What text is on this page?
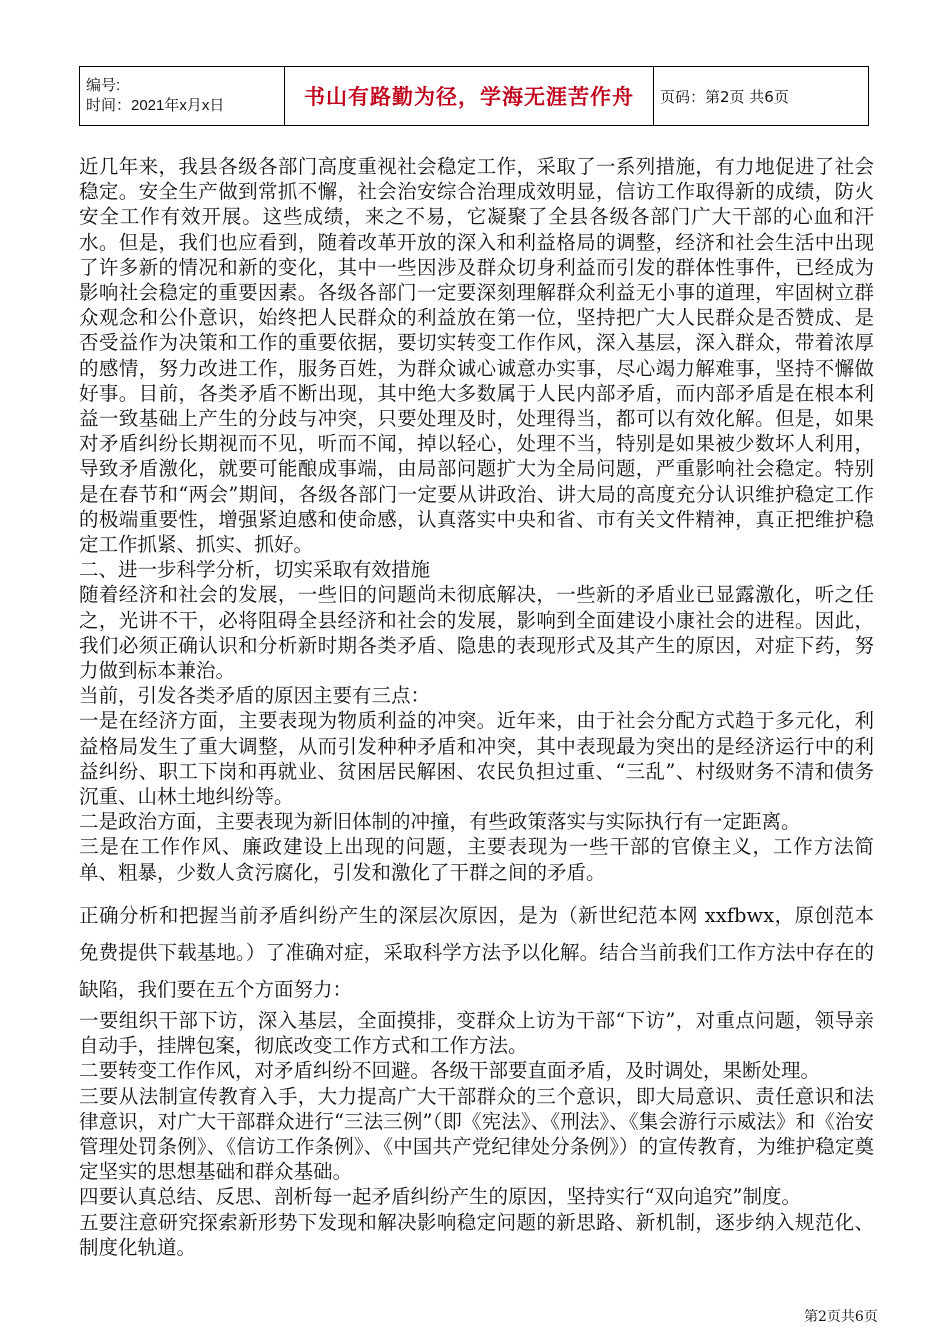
编号:
时间：2021年x月x日	书山有路勤为径，学海无涯苦作舟	页码：第2页 共6页

近几年来，我县各级各部门高度重视社会稳定工作，采取了一系列措施，有力地促进了社会稳定。安全生产做到常抓不懈，社会治安综合治理成效明显，信访工作取得新的成绩，防火安全工作有效开展。这些成绩，来之不易，它凝聚了全县各级各部门广大干部的心血和汗水。但是，我们也应看到，随着改革开放的深入和利益格局的调整，经济和社会生活中出现了许多新的情况和新的变化，其中一些因涉及群众切身利益而引发的群体性事件，已经成为影响社会稳定的重要因素。各级各部门一定要深刻理解群众利益无小事的道理，牢固树立群众观念和公仆意识，始终把人民群众的利益放在第一位，坚持把广大人民群众是否赞成、是否受益作为决策和工作的重要依据，要切实转变工作作风，深入基层，深入群众，带着浓厚的感情，努力改进工作，服务百姓，为群众诚心诚意办实事，尽心竭力解难事，坚持不懈做好事。目前，各类矛盾不断出现，其中绝大多数属于人民内部矛盾，而内部矛盾是在根本利益一致基础上产生的分歧与冲突，只要处理及时，处理得当，都可以有效化解。但是，如果对矛盾纠纷长期视而不见，听而不闻，掉以轻心，处理不当，特别是如果被少数坏人利用，导致矛盾激化，就要可能酿成事端，由局部问题扩大为全局问题，严重影响社会稳定。特别是在春节和“两会”期间，各级各部门一定要从讲政治、讲大局的高度充分认识维护稳定工作的极端重要性，增强紧迫感和使命感，认真落实中央和省、市有关文件精神，真正把维护稳定工作抓紧、抓实、抓好。

二、进一步科学分析，切实采取有效措施

随着经济和社会的发展，一些旧的问题尚未彻底解决，一些新的矛盾业已显露激化，听之任之，光讲不干，必将阻碍全县经济和社会的发展，影响到全面建设小康社会的进程。因此，我们必须正确认识和分析新时期各类矛盾、隐患的表现形式及其产生的原因，对症下药，努力做到标本兼治。

当前，引发各类矛盾的原因主要有三点：

一是在经济方面，主要表现为物质利益的冲突。近年来，由于社会分配方式趋于多元化，利益格局发生了重大调整，从而引发种种矛盾和冲突，其中表现最为突出的是经济运行中的利益纠纷、职工下岗和再就业、贫困居民解困、农民负担过重、“三乱”、村级财务不清和债务沉重、山林土地纠纷等。

二是政治方面，主要表现为新旧体制的冲撞，有些政策落实与实际执行有一定距离。

三是在工作作风、廉政建设上出现的问题，主要表现为一些干部的官僚主义，工作方法简单、粗暴，少数人贪污腐化，引发和激化了干群之间的矛盾。

正确分析和把握当前矛盾纠纷产生的深层次原因，是为（新世纪范本网 xxfbwx，原创范本免费提供下载基地。）了准确对症，采取科学方法予以化解。结合当前我们工作方法中存在的缺陷，我们要在五个方面努力：

一要组织干部下访，深入基层，全面摸排，变群众上访为干部“下访”，对重点问题，领导亲自动手，挂牌包案，彻底改变工作方式和工作方法。

二要转变工作作风，对矛盾纠纷不回避。各级干部要直面矛盾，及时调处，果断处理。

三要从法制宣传教育入手，大力提高广大干部群众的三个意识，即大局意识、责任意识和法律意识，对广大干部群众进行“三法三例”（即《宪法》、《刑法》、《集会游行示威法》和《治安管理处罚条例》、《信访工作条例》、《中国共产党纪律处分条例》）的宣传教育，为维护稳定奠定坚实的思想基础和群众基础。

四要认真总结、反思、剖析每一起矛盾纠纷产生的原因，坚持实行“双向追究”制度。

五要注意研究探索新形势下发现和解决影响稳定问题的新思路、新机制，逐步纳入规范化、制度化轨道。

第2页共6页
